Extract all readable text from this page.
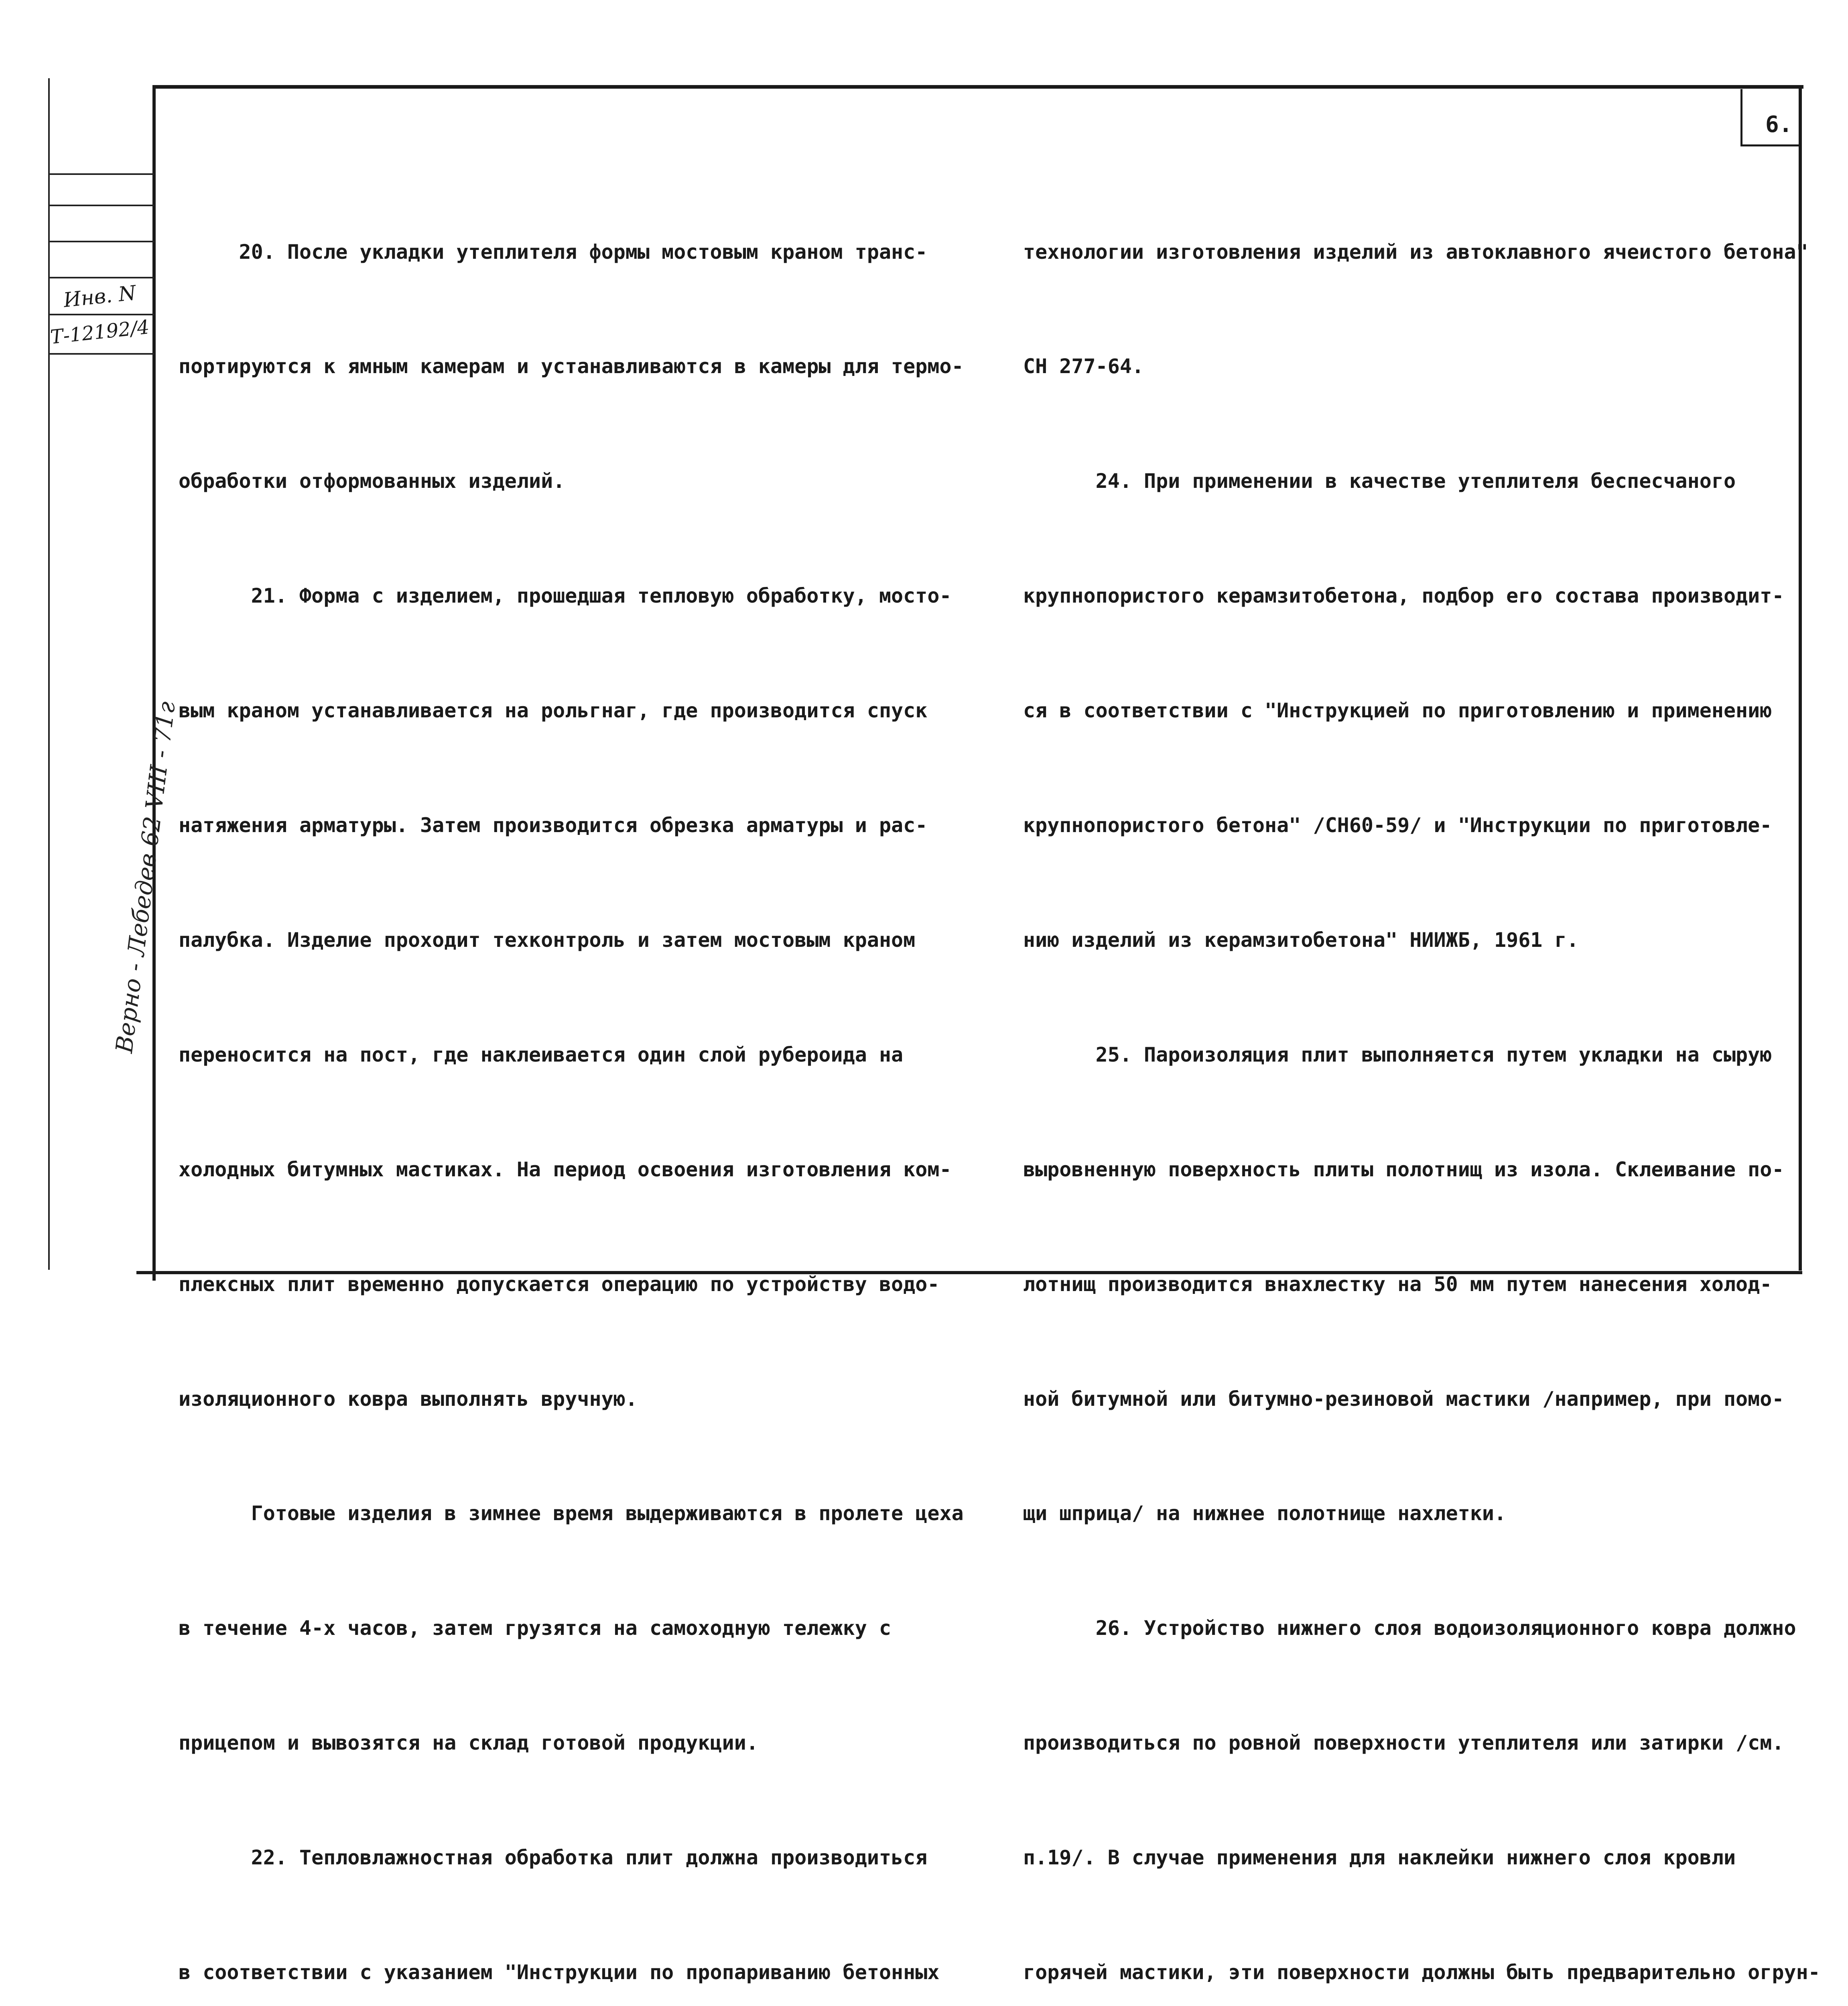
Инв. N
Т-12192/4
Верно - Лебедев 62 VIII - 71г
6.

20. После укладки утеплителя формы мостовым краном транс-

портируются к ямным камерам и устанавливаются в камеры для термо-

обработки отформованных изделий.

21. Форма с изделием, прошедшая тепловую обработку, мосто-

вым краном устанавливается на рольгнаг, где производится спуск

натяжения арматуры. Затем производится обрезка арматуры и рас-

палубка. Изделие проходит техконтроль и затем мостовым краном

переносится на пост, где наклеивается один слой рубероида на

холодных битумных мастиках. На период освоения изготовления ком-

плексных плит временно допускается операцию по устройству водо-

изоляционного ковра выполнять вручную.

Готовые изделия в зимнее время выдерживаются в пролете цеха

в течение 4-х часов, затем грузятся на самоходную тележку с

прицепом и вывозятся на склад готовой продукции.

22. Тепловлажностная обработка плит должна производиться

в соответствии с указанием "Инструкции по пропариванию бетонных

технологии изготовления изделий из автоклавного ячеистого бетона"

СН 277-64.

24. При применении в качестве утеплителя беспесчаного

крупнопористого керамзитобетона, подбор его состава производит-

ся в соответствии с "Инструкцией по приготовлению и применению

крупнопористого бетона" /СН60-59/ и "Инструкции по приготовле-

нию изделий из керамзитобетона" НИИЖБ, 1961 г.

25. Пароизоляция плит выполняется путем укладки на сырую

выровненную поверхность плиты полотнищ из изола. Склеивание по-

лотнищ производится внахлестку на 50 мм путем нанесения холод-

ной битумной или битумно-резиновой мастики /например, при помо-

щи шприца/ на нижнее полотнище нахлетки.

26. Устройство нижнего слоя водоизоляционного ковра должно

производиться по ровной поверхности утеплителя или затирки /см.

п.19/. В случае применения для наклейки нижнего слоя кровли

горячей мастики, эти поверхности должны быть предварительно огрун-
